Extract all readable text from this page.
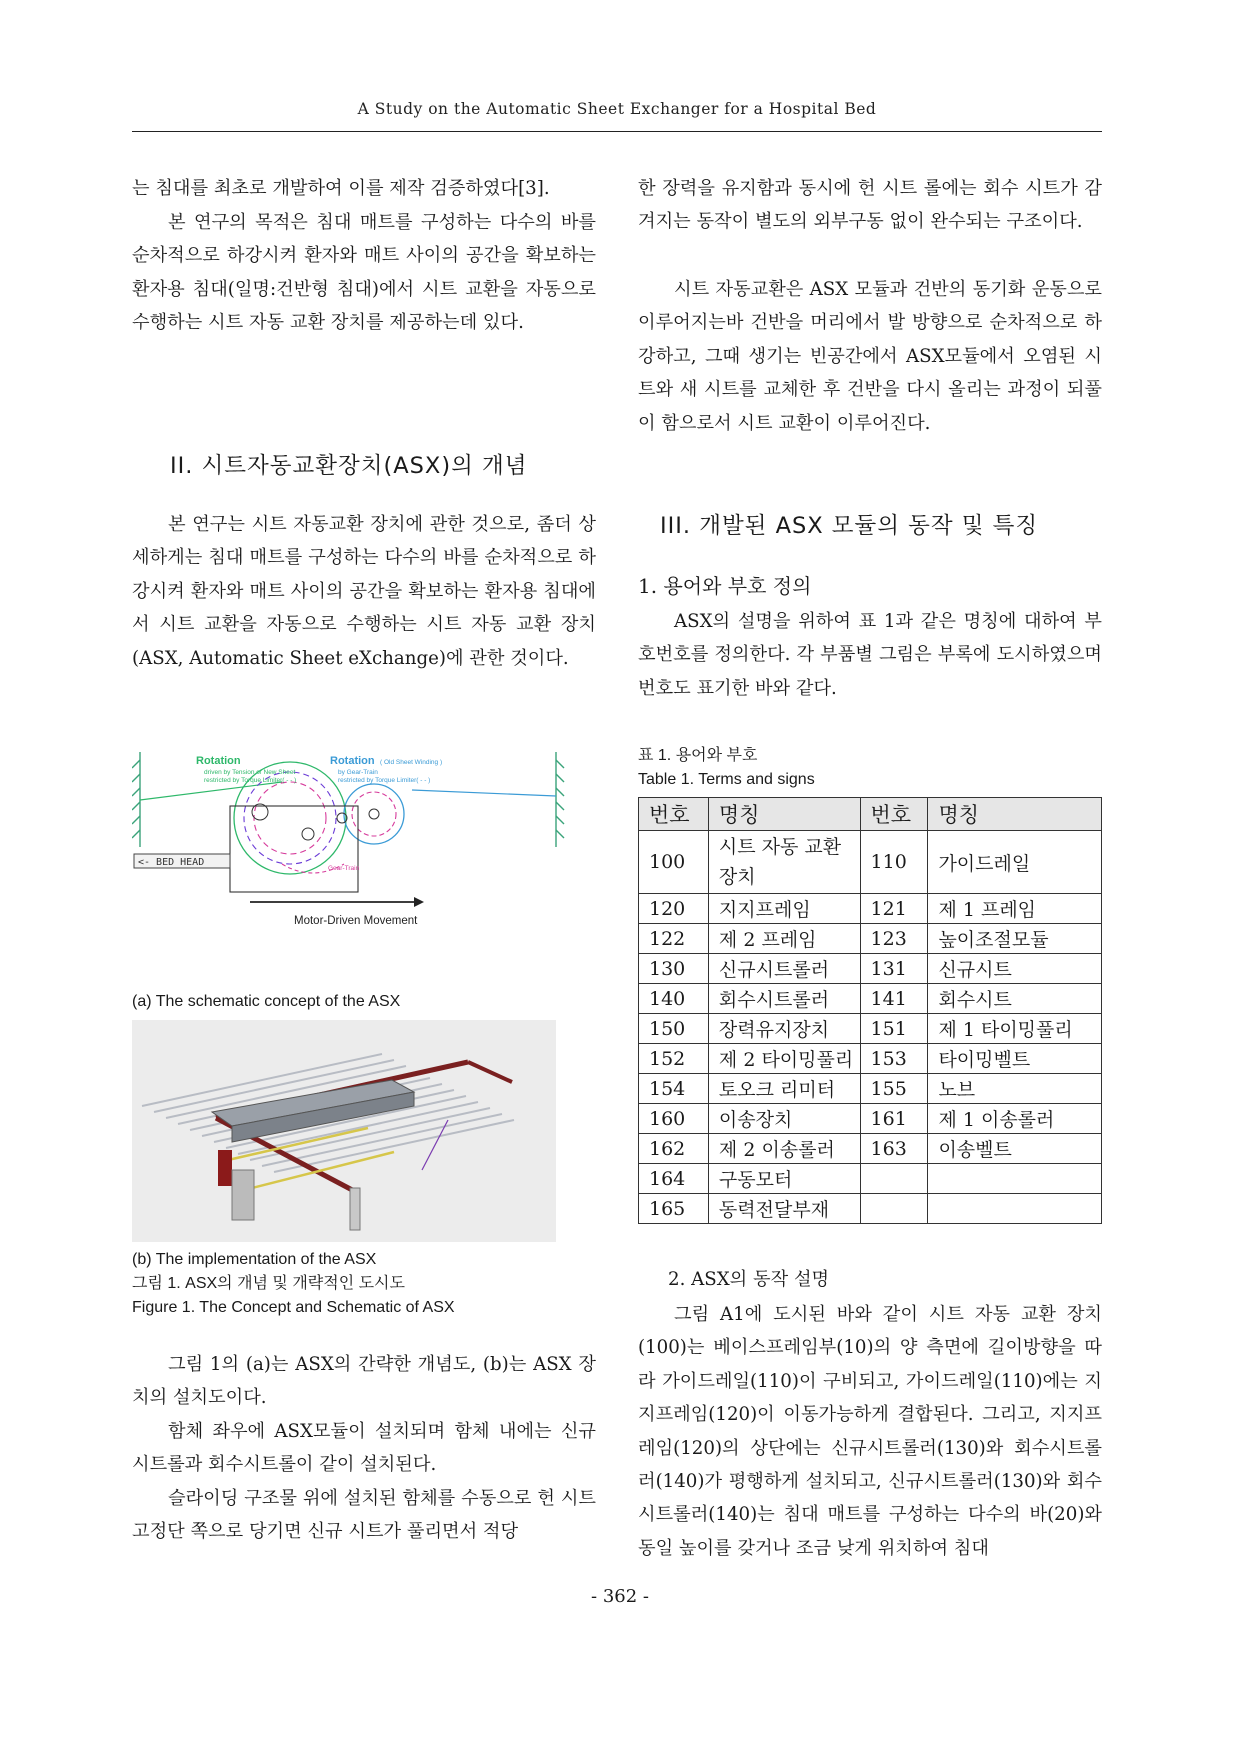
A Study on the Automatic Sheet Exchanger for a Hospital Bed

는 침대를 최초로 개발하여 이를 제작 검증하였다[3].

본 연구의 목적은 침대 매트를 구성하는 다수의 바를 순차적으로 하강시켜 환자와 매트 사이의 공간을 확보하는 환자용 침대(일명:건반형 침대)에서 시트 교환을 자동으로 수행하는 시트 자동 교환 장치를 제공하는데 있다.

II. 시트자동교환장치(ASX)의 개념

본 연구는 시트 자동교환 장치에 관한 것으로, 좀더 상세하게는 침대 매트를 구성하는 다수의 바를 순차적으로 하강시켜 환자와 매트 사이의 공간을 확보하는 환자용 침대에서 시트 교환을 자동으로 수행하는 시트 자동 교환 장치(ASX, Automatic Sheet eXchange)에 관한 것이다.

<- BED HEAD
Rotation
driven by Tension of New Sheet
restricted by Torque Limiter( - - )
Rotation ( Old Sheet Winding )
by Gear-Train
restricted by Torque Limiter( - - )
Gear-Train
Motor-Driven Movement
(a) The schematic concept of the ASX
(b) The implementation of the ASX
그림 1. ASX의 개념 및 개략적인 도시도
Figure 1. The Concept and Schematic of ASX

그림 1의 (a)는 ASX의 간략한 개념도, (b)는 ASX 장치의 설치도이다.

함체 좌우에 ASX모듈이 설치되며 함체 내에는 신규 시트롤과 회수시트롤이 같이 설치된다.

슬라이딩 구조물 위에 설치된 함체를 수동으로 헌 시트 고정단 쪽으로 당기면 신규 시트가 풀리면서 적당

한 장력을 유지함과 동시에 헌 시트 롤에는 회수 시트가 감겨지는 동작이 별도의 외부구동 없이 완수되는 구조이다.

시트 자동교환은 ASX 모듈과 건반의 동기화 운동으로 이루어지는바 건반을 머리에서 발 방향으로 순차적으로 하강하고, 그때 생기는 빈공간에서 ASX모듈에서 오염된 시트와 새 시트를 교체한 후 건반을 다시 올리는 과정이 되풀이 함으로서 시트 교환이 이루어진다.

III. 개발된 ASX 모듈의 동작 및 특징
1. 용어와 부호 정의

ASX의 설명을 위하여 표 1과 같은 명칭에 대하여 부호번호를 정의한다. 각 부품별 그림은 부록에 도시하였으며 번호도 표기한 바와 같다.

표 1. 용어와 부호
Table 1. Terms and signs
번호	명칭	번호	명칭
100	시트 자동 교환 장치	110	가이드레일
120	지지프레임	121	제 1 프레임
122	제 2 프레임	123	높이조절모듈
130	신규시트롤러	131	신규시트
140	회수시트롤러	141	회수시트
150	장력유지장치	151	제 1 타이밍풀리
152	제 2 타이밍풀리	153	타이밍벨트
154	토오크 리미터	155	노브
160	이송장치	161	제 1 이송롤러
162	제 2 이송롤러	163	이송벨트
164	구동모터		
165	동력전달부재		
2. ASX의 동작 설명

그림 A1에 도시된 바와 같이 시트 자동 교환 장치(100)는 베이스프레임부(10)의 양 측면에 길이방향을 따라 가이드레일(110)이 구비되고, 가이드레일(110)에는 지지프레임(120)이 이동가능하게 결합된다. 그리고, 지지프레임(120)의 상단에는 신규시트롤러(130)와 회수시트롤러(140)가 평행하게 설치되고, 신규시트롤러(130)와 회수시트롤러(140)는 침대 매트를 구성하는 다수의 바(20)와 동일 높이를 갖거나 조금 낮게 위치하여 침대

- 362 -
